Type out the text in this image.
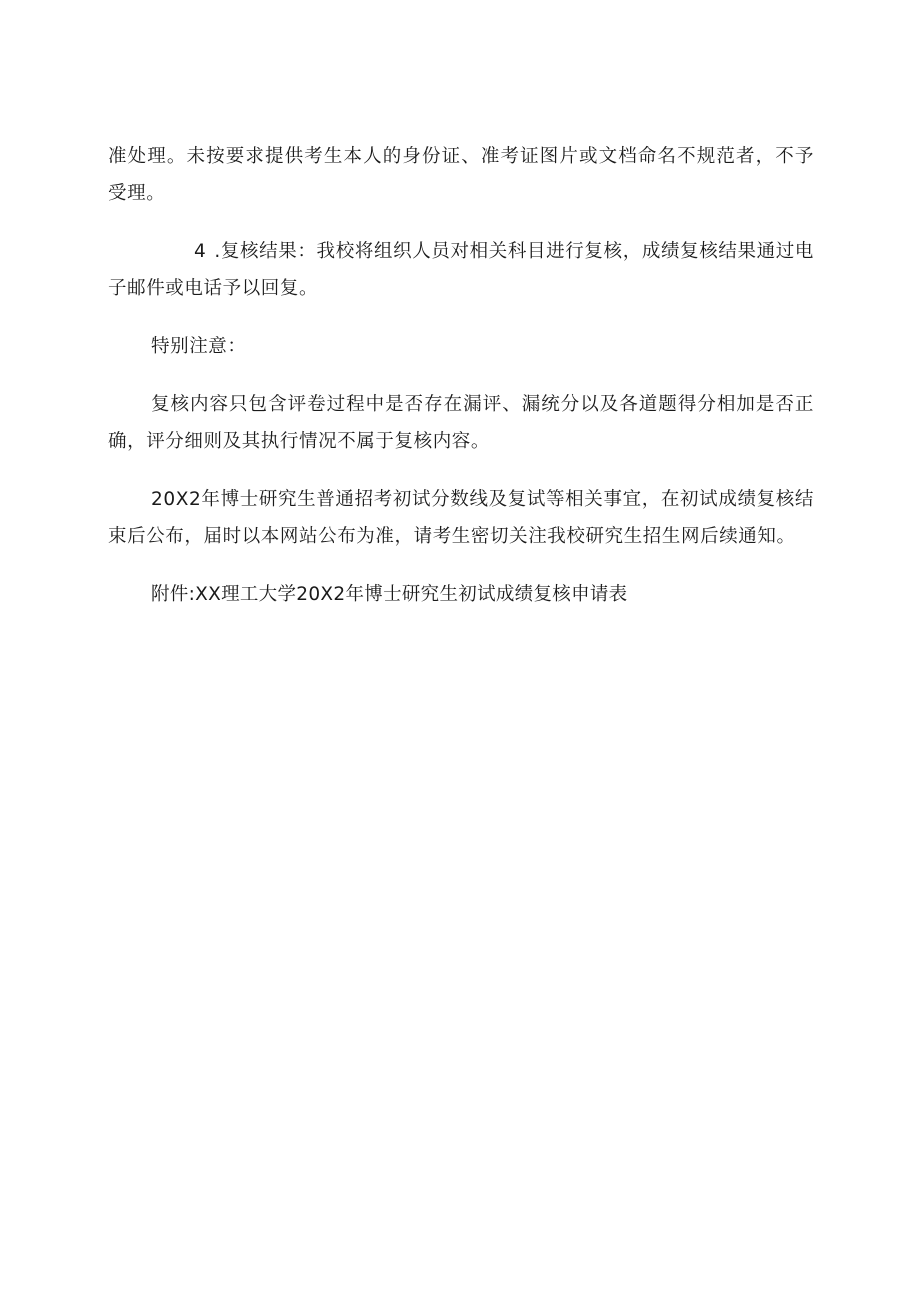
准处理。未按要求提供考生本人的身份证、准考证图片或文档命名不规范者，不予受理。

4 .复核结果：我校将组织人员对相关科目进行复核，成绩复核结果通过电子邮件或电话予以回复。

特别注意：

复核内容只包含评卷过程中是否存在漏评、漏统分以及各道题得分相加是否正确，评分细则及其执行情况不属于复核内容。

20X2年博士研究生普通招考初试分数线及复试等相关事宜，在初试成绩复核结束后公布，届时以本网站公布为准，请考生密切关注我校研究生招生网后续通知。

附件:XX理工大学20X2年博士研究生初试成绩复核申请表
